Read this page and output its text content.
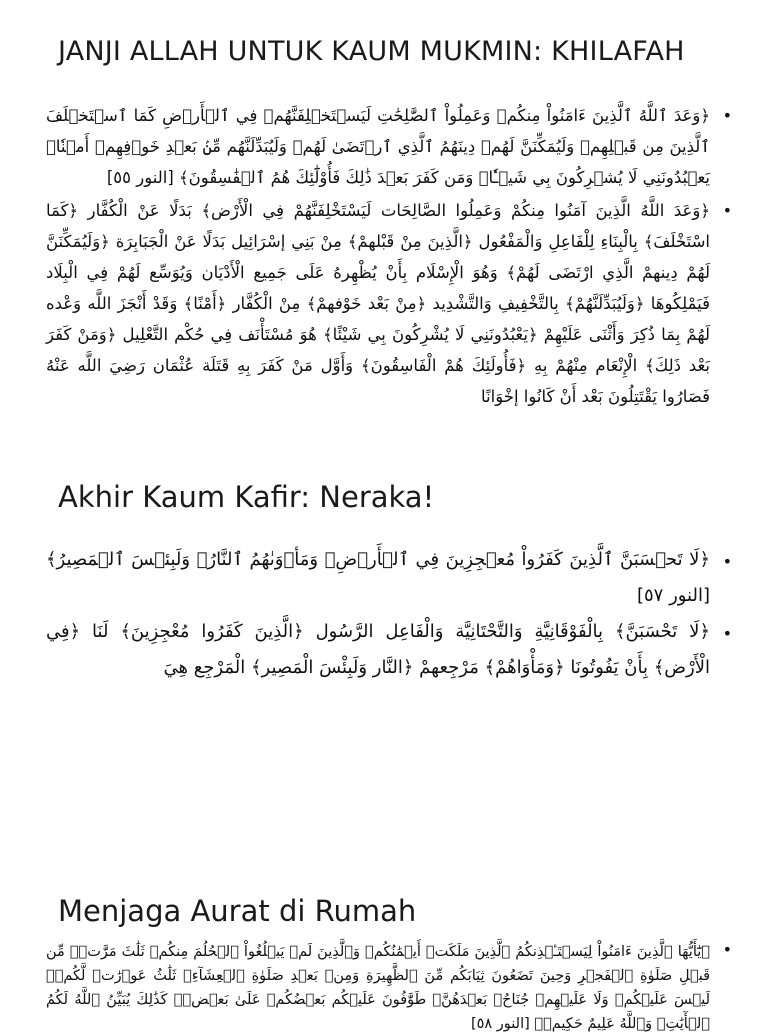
JANJI ALLAH UNTUK KAUM MUKMIN: KHILAFAH
•
﴿وَعَدَ ٱللَّهُ ٱلَّذِينَ ءَامَنُواْ مِنكُمۡ وَعَمِلُواْ ٱلصَّٰلِحَٰتِ لَيَسۡتَخۡلِفَنَّهُمۡ فِي ٱلۡأَرۡضِ كَمَا ٱسۡتَخۡلَفَ ٱلَّذِينَ مِن قَبۡلِهِمۡ وَلَيُمَكِّنَنَّ لَهُمۡ دِينَهُمُ ٱلَّذِي ٱرۡتَضَىٰ لَهُمۡ وَلَيُبَدِّلَنَّهُم مِّنۢ بَعۡدِ خَوۡفِهِمۡ أَمۡنٗاۚ يَعۡبُدُونَنِي لَا يُشۡرِكُونَ بِي شَيۡـٔٗاۚ وَمَن كَفَرَ بَعۡدَ ذَٰلِكَ فَأُوْلَٰٓئِكَ هُمُ ٱلۡفَٰسِقُونَ﴾ [النور ٥٥]
•
﴿وَعَدَ اللَّهُ الَّذِينَ آمَنُوا مِنكُمْ وَعَمِلُوا الصَّالِحَات لَيَسْتَخْلِفَنَّهُمْ فِي الْأَرْض﴾ بَدَلًا عَنْ الْكُفَّار ﴿كَمَا اسْتَخْلَفَ﴾ بِالْبِنَاءِ لِلْفَاعِلِ وَالْمَفْعُول ﴿الَّذِينَ مِنْ قَبْلهمْ﴾ مِنْ بَنِي إسْرَائِيل بَدَلًا عَنْ الْجَبَابِرَة ﴿وَلَيُمَكِّنَنَّ لَهُمْ دِينهمْ الَّذِي ارْتَضَى لَهُمْ﴾ وَهُوَ الْإِسْلَام بِأَنْ يُظْهِرهُ عَلَى جَمِيع الْأَدْيَان وَيُوَسِّع لَهُمْ فِي الْبِلَاد فَيَمْلِكُوهَا ﴿وَلَيُبَدِّلَنَّهُمْ﴾ بِالتَّخْفِيفِ وَالتَّشْدِيد ﴿مِنْ بَعْد خَوْفهمْ﴾ مِنْ الْكُفَّار ﴿أَمْنًا﴾ وَقَدْ أَنْجَزَ اللَّه وَعْده لَهُمْ بِمَا ذُكِرَ وَأَثْنَى عَلَيْهِمْ ﴿يَعْبُدُونَنِي لَا يُشْرِكُونَ بِي شَيْئًا﴾ هُوَ مُسْتَأْنَف فِي حُكْم التَّعْلِيل ﴿وَمَنْ كَفَرَ بَعْد ذَلِكَ﴾ الْإِنْعَام مِنْهُمْ بِهِ ﴿فَأُولَئِكَ هُمْ الْفَاسِقُونَ﴾ وَأَوَّل مَنْ كَفَرَ بِهِ قَتَلَة عُثْمَان رَضِيَ اللَّه عَنْهُ فَصَارُوا يَقْتَتِلُونَ بَعْد أَنْ كَانُوا إخْوَانًا
Akhir Kaum Kafir: Neraka!
•
﴿لَا تَحۡسَبَنَّ ٱلَّذِينَ كَفَرُواْ مُعۡجِزِينَ فِي ٱلۡأَرۡضِۚ وَمَأۡوَىٰهُمُ ٱلنَّارُۖ وَلَبِئۡسَ ٱلۡمَصِيرُ﴾ [النور ٥٧]
•
﴿لَا تَحْسَبَنَّ﴾ بِالْفَوْقَانِيَّةِ وَالتَّحْتَانِيَّة وَالْفَاعِل الرَّسُول ﴿الَّذِينَ كَفَرُوا مُعْجِزِينَ﴾ لَنَا ﴿فِي الْأَرْض﴾ بِأَنْ يَفُوتُونَا ﴿وَمَأْوَاهُمْ﴾ مَرْجِعهمْ ﴿النَّار وَلَبِئْسَ الْمَصِير﴾ الْمَرْجِع هِيَ
Menjaga Aurat di Rumah
•
﴿يَٰٓأَيُّهَا ٱلَّذِينَ ءَامَنُواْ لِيَسۡتَـٔۡذِنكُمُ ٱلَّذِينَ مَلَكَتۡ أَيۡمَٰنُكُمۡ وَٱلَّذِينَ لَمۡ يَبۡلُغُواْ ٱلۡحُلُمَ مِنكُمۡ ثَلَٰثَ مَرَّٰتٖۚ مِّن قَبۡلِ صَلَوٰةِ ٱلۡفَجۡرِ وَحِينَ تَضَعُونَ ثِيَابَكُم مِّنَ ٱلظَّهِيرَةِ وَمِنۢ بَعۡدِ صَلَوٰةِ ٱلۡعِشَآءِۚ ثَلَٰثُ عَوۡرَٰتٖ لَّكُمۡۚ لَيۡسَ عَلَيۡكُمۡ وَلَا عَلَيۡهِمۡ جُنَاحُۢ بَعۡدَهُنَّۚ طَوَّٰفُونَ عَلَيۡكُم بَعۡضُكُمۡ عَلَىٰ بَعۡضٖۚ كَذَٰلِكَ يُبَيِّنُ ٱللَّهُ لَكُمُ ٱلۡأٓيَٰتِۗ وَٱللَّهُ عَلِيمٌ حَكِيمٞ﴾ [النور ٥٨]
